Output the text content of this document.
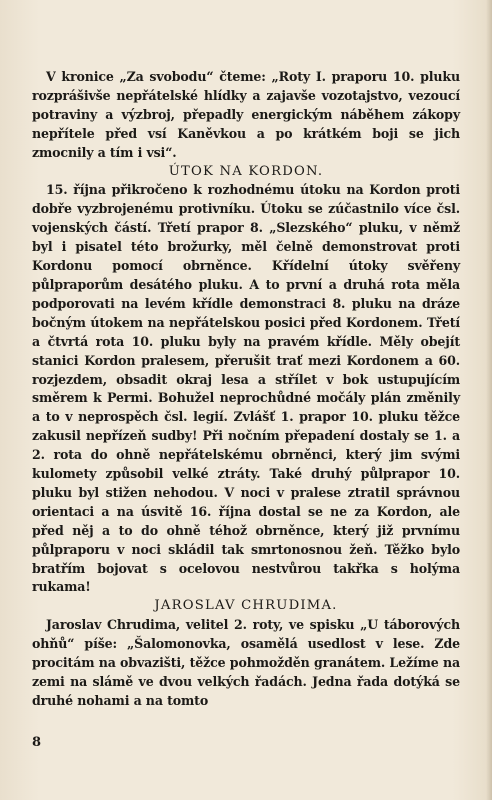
V kronice „Za svobodu“ čteme: „Roty I. praporu 10. pluku rozprášivše nepřátelské hlídky a zajavše vozotajstvo, vezoucí potraviny a výzbroj, přepadly energickým náběhem zákopy nepřítele před vsí Kaněvkou a po krátkém boji se jich zmocnily a tím i vsi“.

ÚTOK NA KORDON.

15. října přikročeno k rozhodnému útoku na Kordon proti dobře vyzbrojenému protivníku. Útoku se zúčastnilo více čsl. vojenských částí. Třetí prapor 8. „Slezského“ pluku, v němž byl i pisatel této brožurky, měl čelně demonstrovat proti Kordonu pomocí obrněnce. Křídelní útoky svěřeny půlpraporům desátého pluku. A to první a druhá rota měla podporovati na levém křídle demonstraci 8. pluku na dráze bočným útokem na nepřátelskou posici před Kordonem. Třetí a čtvrtá rota 10. pluku byly na pravém křídle. Měly obejít stanici Kordon pralesem, přerušit trať mezi Kordonem a 60. rozjezdem, obsadit okraj lesa a střílet v bok ustupujícím směrem k Permi. Bohužel neprochůdné močály plán změnily a to v neprospěch čsl. legií. Zvlášť 1. prapor 10. pluku těžce zakusil nepřízeň sudby! Při nočním přepadení dostaly se 1. a 2. rota do ohně nepřátelskému obrněnci, který jim svými kulomety způsobil velké ztráty. Také druhý půlprapor 10. pluku byl stižen nehodou. V noci v pralese ztratil správnou orientaci a na úsvitě 16. října dostal se ne za Kordon, ale před něj a to do ohně téhož obrněnce, který již prvnímu půlpraporu v noci skládil tak smrtonosnou žeň. Těžko bylo bratřím bojovat s ocelovou nestvůrou takřka s holýma rukama!

JAROSLAV CHRUDIMA.

Jaroslav Chrudima, velitel 2. roty, ve spisku „U táborových ohňů“ píše: „Šalomonovka, osamělá usedlost v lese. Zde procitám na obvazišti, těžce pohmožděn granátem. Ležíme na zemi na slámě ve dvou velkých řadách. Jedna řada dotýká se druhé nohami a na tomto

8
